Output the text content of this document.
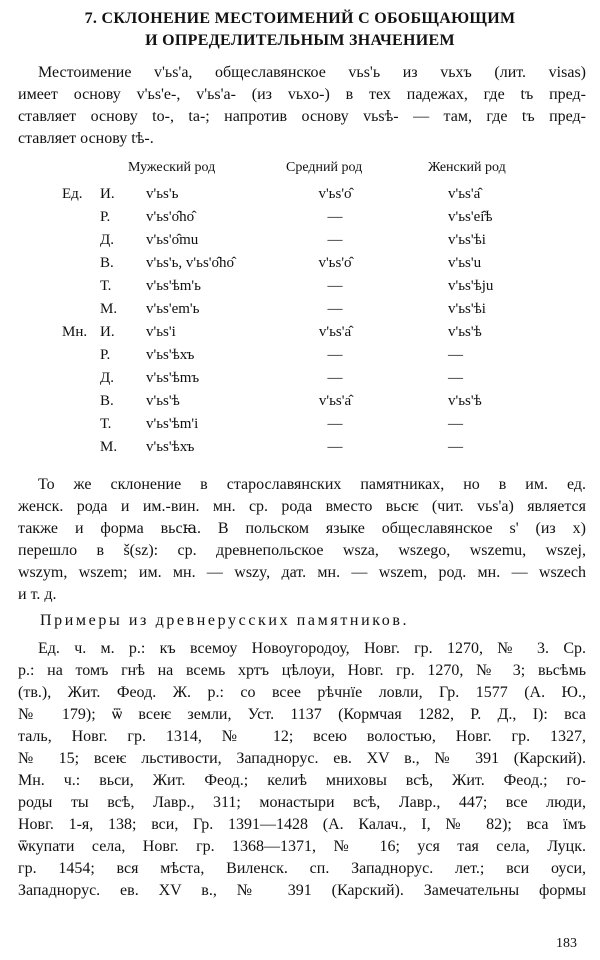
7. СКЛОНЕНИЕ МЕСТОИМЕНИЙ С ОБОБЩАЮЩИМ
И ОПРЕДЕЛИТЕЛЬНЫМ ЗНАЧЕНИЕМ
Местоимение v'ьs'a, общеславянское vьs'ь из vьxъ (лит. visas)
имеет основу v'ьs'е-, v'ьs'a- (из vьxo-) в тех падежах, где tъ пред-
ставляет основу tо-, tа-; напротив основу vьsѣ- — там, где tъ пред-
ставляет основу tѣ-.
Мужеский род	Средний род	Женский род
Ед. И. v'ьs'ь	v'ьs'о̂	v'ьs'а̂
Р. v'ьs'о̂hо̂	—	v'ьs'еі̂ѣ
Д. v'ьs'о̂mu	—	v'ьs'ѣi
В. v'ьs'ь, v'ьs'о̂hо̂	v'ьs'о̂	v'ьs'u
Т. v'ьs'ѣm'ь	—	v'ьs'ѣju
М. v'ьs'еm'ь	—	v'ьs'ѣi
Мн. И. v'ьs'і	v'ьs'а̂	v'ьs'ѣ
Р. v'ьs'ѣхъ	—	—
Д. v'ьs'ѣmъ	—	—
В. v'ьs'ѣ	v'ьs'а̂	v'ьs'ѣ
Т. v'ьs'ѣm'і	—	—
М. v'ьs'ѣхъ	—	—
То же склонение в старославянских памятниках, но в им. ед.
женск. рода и им.-вин. мн. ср. рода вместо вьсѥ (чит. vьs'a) является
также и форма вьсꙗ. В польском языке общеславянское s' (из х)
перешло в š(sz): ср. древнепольское wsza, wszego, wszemu, wszej,
wszym, wszem; им. мн. — wszy, дат. мн. — wszem, род. мн. — wszech
и т. д.
Примеры из древнерусских памятников.
Ед. ч. м. р.: къ всемоу Новоугородоу, Новг. гр. 1270, № 3. Ср.
р.: на томъ гнѣ на всемь хртъ цѣлоуи, Новг. гр. 1270, № 3; вьсѣмь
(тв.), Жит. Феод. Ж. р.: со всее рѣчнїе ловли, Гр. 1577 (А. Ю.,
№ 179); ѿ всеѥ земли, Уст. 1137 (Кормчая 1282, Р. Д., І): вса
таль, Новг. гр. 1314, № 12; всею волостью, Новг. гр. 1327,
№ 15; всеѥ льстивости, Западнорус. ев. XV в., № 391 (Карский).
Мн. ч.: вьси, Жит. Феод.; келиѣ мниховы всѣ, Жит. Феод.; го-
роды ты всѣ, Лавр., 311; монастыри всѣ, Лавр., 447; все люди,
Новг. 1-я, 138; вси, Гр. 1391—1428 (А. Калач., І, № 82); вса їмъ
ѿкупати села, Новг. гр. 1368—1371, № 16; уся тая села, Луцк.
гр. 1454; вся мѣста, Виленск. сп. Западнорус. лет.; вси оуси,
Западнорус. ев. XV в., № 391 (Карский). Замечательны формы
183
